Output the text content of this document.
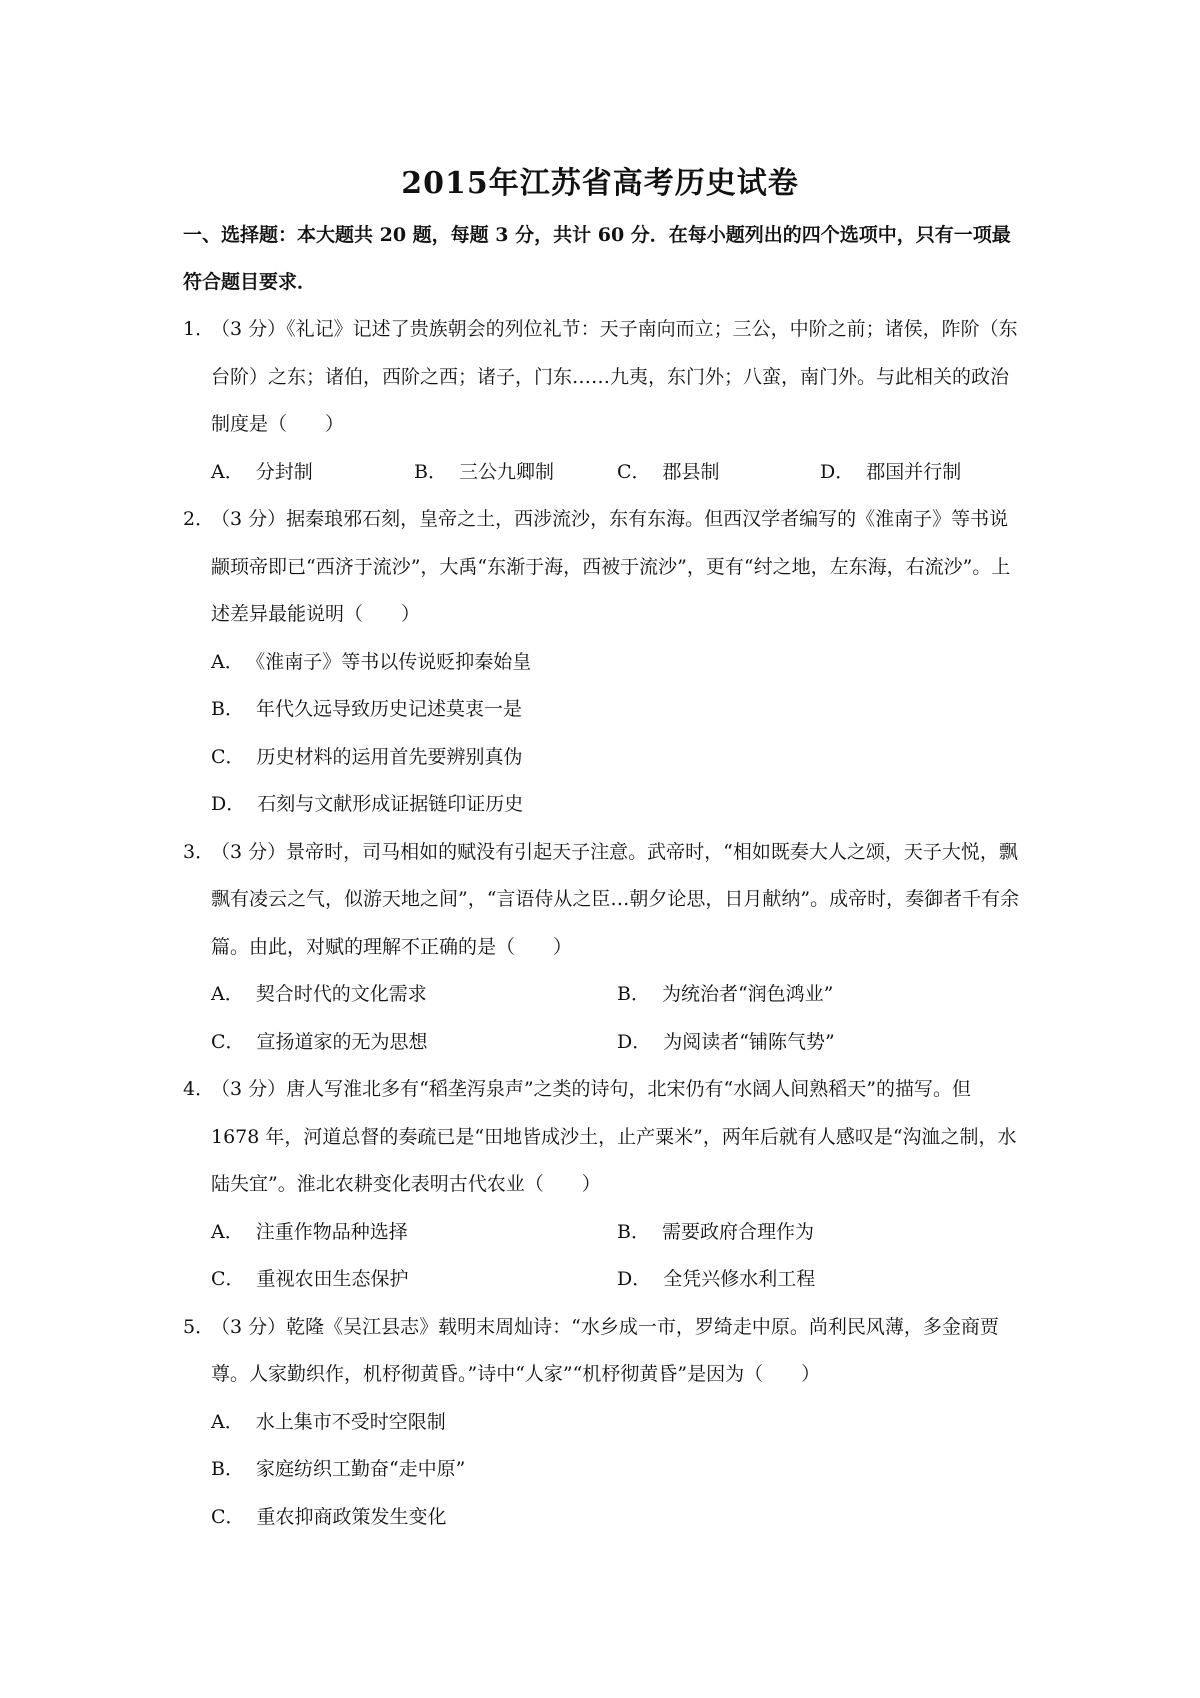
2015年江苏省高考历史试卷
一、选择题：本大题共 20 题，每题 3 分，共计 60 分．在每小题列出的四个选项中，只有一项最符合题目要求．
1．
（3 分）《礼记》记述了贵族朝会的列位礼节：天子南向而立；三公，中阶之前；诸侯，阼阶（东台阶）之东；诸伯，西阶之西；诸子，门东……九夷，东门外；八蛮，南门外。与此相关的政治制度是（　　）
A． 分封制	B． 三公九卿制	C． 郡县制	D． 郡国并行制
2．
（3 分）据秦琅邪石刻，皇帝之土，西涉流沙，东有东海。但西汉学者编写的《淮南子》等书说颛顼帝即已“西济于流沙”，大禹“东渐于海，西被于流沙”，更有“纣之地，左东海，右流沙”。上述差异最能说明（　　）
A． 《淮南子》等书以传说贬抑秦始皇
B． 年代久远导致历史记述莫衷一是
C． 历史材料的运用首先要辨别真伪
D． 石刻与文献形成证据链印证历史
3．
（3 分）景帝时，司马相如的赋没有引起天子注意。武帝时，“相如既奏大人之颂，天子大悦，飘飘有凌云之气，似游天地之间”，“言语侍从之臣…朝夕论思，日月献纳”。成帝时，奏御者千有余篇。由此，对赋的理解不正确的是（　　）
A． 契合时代的文化需求	B． 为统治者“润色鸿业”
C． 宣扬道家的无为思想	D． 为阅读者“铺陈气势”
4．
（3 分）唐人写淮北多有“稻垄泻泉声”之类的诗句，北宋仍有“水阔人间熟稻天”的描写。但 1678 年，河道总督的奏疏已是“田地皆成沙土，止产粟米”，两年后就有人感叹是“沟洫之制，水陆失宜”。淮北农耕变化表明古代农业（　　）
A． 注重作物品种选择	B． 需要政府合理作为
C． 重视农田生态保护	D． 全凭兴修水利工程
5．
（3 分）乾隆《吴江县志》载明末周灿诗：“水乡成一市，罗绮走中原。尚利民风薄，多金商贾尊。人家勤织作，机杼彻黄昏。”诗中“人家”“机杼彻黄昏”是因为（　　）
A． 水上集市不受时空限制
B． 家庭纺织工勤奋“走中原”
C． 重农抑商政策发生变化
